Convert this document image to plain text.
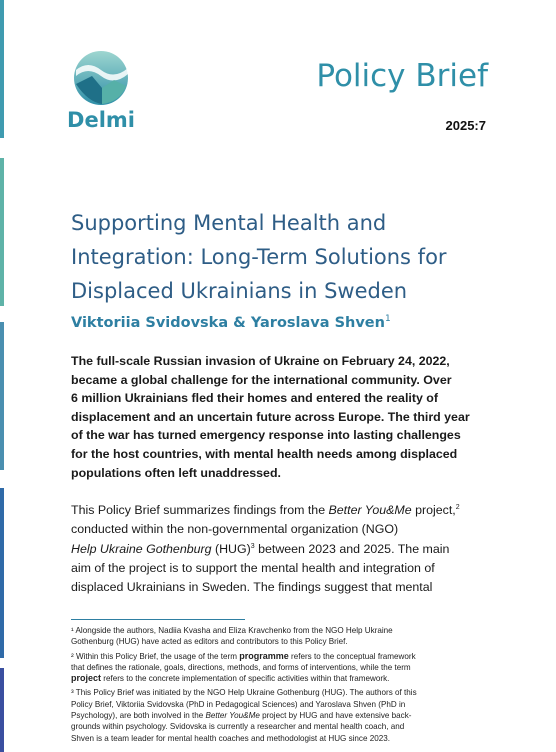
Delmi
Policy Brief
2025:7
Supporting Mental Health and
Integration: Long-Term Solutions for
Displaced Ukrainians in Sweden
Viktoriia Svidovska & Yaroslava Shven$^1$
The full-scale Russian invasion of Ukraine on February 24, 2022,
became a global challenge for the international community. Over
6 million Ukrainians fled their homes and entered the reality of
displacement and an uncertain future across Europe. The third year
of the war has turned emergency response into lasting challenges
for the host countries, with mental health needs among displaced
populations often left unaddressed.
This Policy Brief summarizes findings from the Better You&Me project,$^2$
conducted within the non-governmental organization (NGO)
Help Ukraine Gothenburg (HUG)$^3$ between 2023 and 2025. The main
aim of the project is to support the mental health and integration of
displaced Ukrainians in Sweden. The findings suggest that mental
¹ Alongside the authors, Nadiia Kvasha and Eliza Kravchenko from the NGO Help Ukraine
Gothenburg (HUG) have acted as editors and contributors to this Policy Brief.
² Within this Policy Brief, the usage of the term programme refers to the conceptual framework
that defines the rationale, goals, directions, methods, and forms of interventions, while the term
project refers to the concrete implementation of specific activities within that framework.
³ This Policy Brief was initiated by the NGO Help Ukraine Gothenburg (HUG). The authors of this
Policy Brief, Viktoriia Svidovska (PhD in Pedagogical Sciences) and Yaroslava Shven (PhD in
Psychology), are both involved in the Better You&Me project by HUG and have extensive back-
grounds within psychology. Svidovska is currently a researcher and mental health coach, and
Shven is a team leader for mental health coaches and methodologist at HUG since 2023.
